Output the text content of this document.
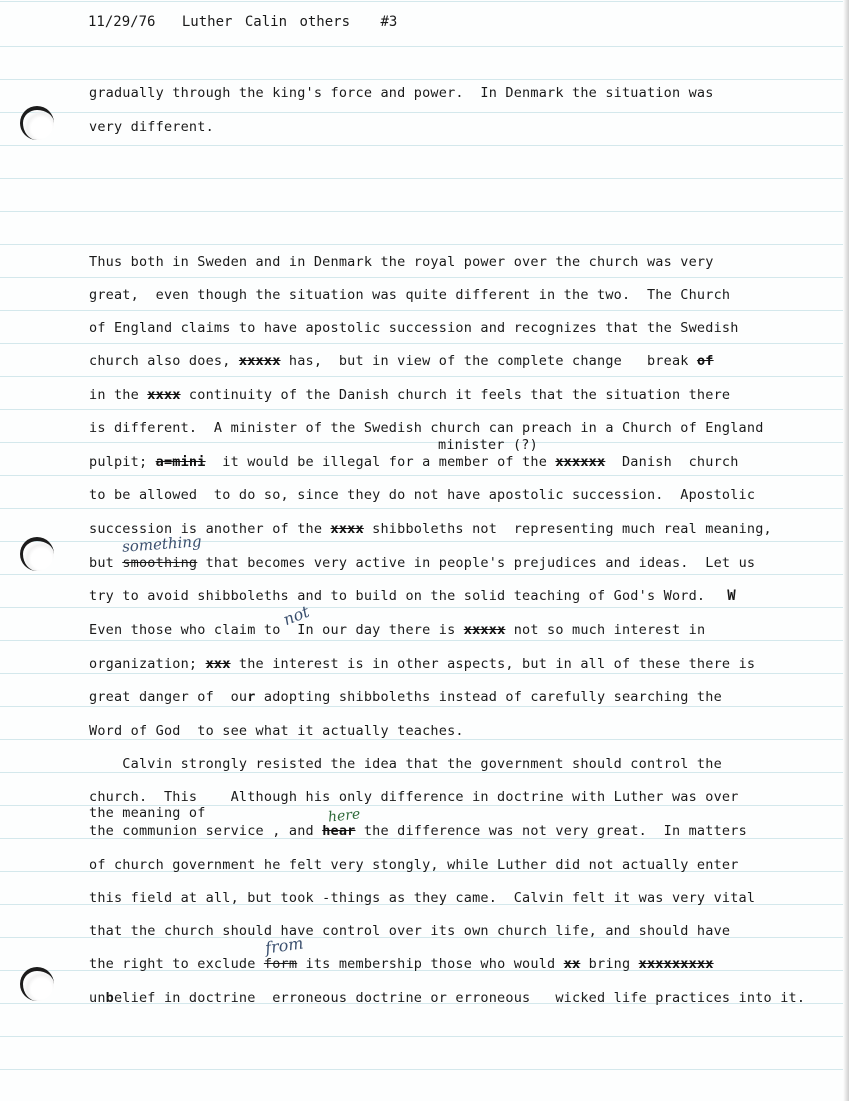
11/29/76 Luther Calin others #3
gradually through the king's force and power.  In Denmark the situation was
very different.
Thus both in Sweden and in Denmark the royal power over the church was very
great,  even though the situation was quite different in the two.  The Church
of England claims to have apostolic succession and recognizes that the Swedish
church also does, xxxxx has,  but in view of the complete change   break of
in the xxxx continuity of the Danish church it feels that the situation there
is different.  A minister of the Swedish church can preach in a Church of England
minister (?)
pulpit; a=mini  it would be illegal for a member of the xxxxxx  Danish  church
to be allowed  to do so, since they do not have apostolic succession.  Apostolic
succession is another of the xxxx shibboleths not  representing much real meaning,
something
but smoothing that becomes very active in people's prejudices and ideas.  Let us
try to avoid shibboleths and to build on the solid teaching of God's Word. W
not
Even those who claim to  In our day there is xxxxx not so much interest in
organization; xxx the interest is in other aspects, but in all of these there is
great danger of  our adopting shibboleths instead of carefully searching the
Word of God  to see what it actually teaches.
Calvin strongly resisted the idea that the government should control the
church.  This    Although his only difference in doctrine with Luther was over
the meaning of	here
the communion service , and hear the difference was not very great.  In matters
of church government he felt very stongly, while Luther did not actually enter
this field at all, but took -things as they came.  Calvin felt it was very vital
that the church should have control over its own church life, and should have
from
the right to exclude form its membership those who would xx bring xxxxxxxxx
unbelief in doctrine  erroneous doctrine or erroneous   wicked life practices into it.
